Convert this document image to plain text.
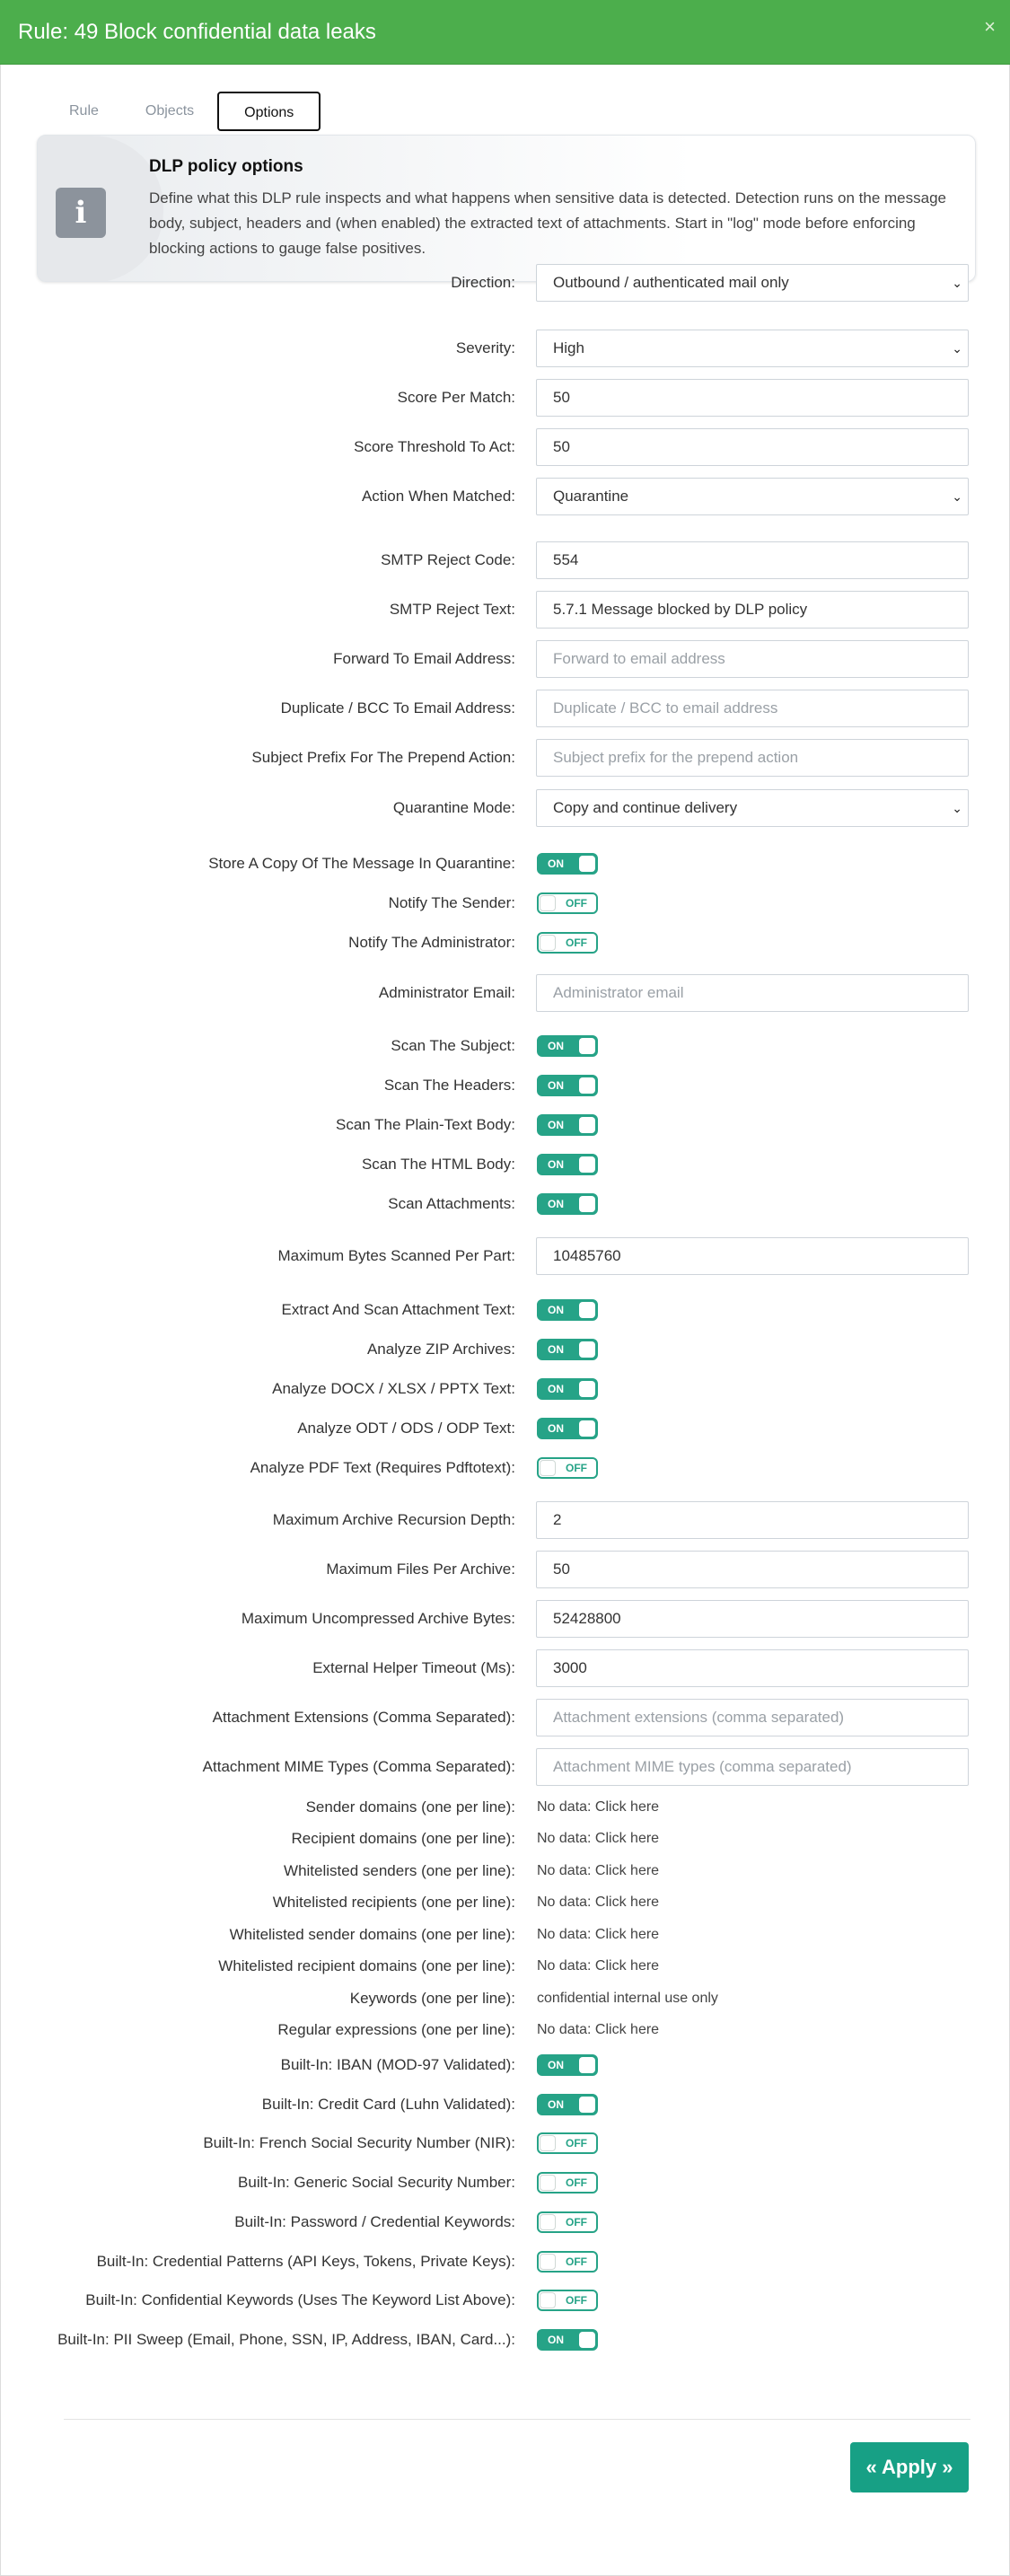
Rule: 49 Block confidential data leaks	×
Rule	Objects	Options
i
DLP policy options
Define what this DLP rule inspects and what happens when sensitive data is detected. Detection runs on the message body, subject, headers and (when enabled) the extracted text of attachments. Start in "log" mode before enforcing blocking actions to gauge false positives.
Direction:	Outbound / authenticated mail only	⌄
Severity:	High	⌄
Score Per Match:	50
Score Threshold To Act:	50
Action When Matched:	Quarantine	⌄
SMTP Reject Code:	554
SMTP Reject Text:	5.7.1 Message blocked by DLP policy
Forward To Email Address:	Forward to email address
Duplicate / BCC To Email Address:	Duplicate / BCC to email address
Subject Prefix For The Prepend Action:	Subject prefix for the prepend action
Quarantine Mode:	Copy and continue delivery	⌄
Store A Copy Of The Message In Quarantine:	ON
Notify The Sender:	OFF
Notify The Administrator:	OFF
Administrator Email:	Administrator email
Scan The Subject:	ON
Scan The Headers:	ON
Scan The Plain-Text Body:	ON
Scan The HTML Body:	ON
Scan Attachments:	ON
Maximum Bytes Scanned Per Part:	10485760
Extract And Scan Attachment Text:	ON
Analyze ZIP Archives:	ON
Analyze DOCX / XLSX / PPTX Text:	ON
Analyze ODT / ODS / ODP Text:	ON
Analyze PDF Text (Requires Pdftotext):	OFF
Maximum Archive Recursion Depth:	2
Maximum Files Per Archive:	50
Maximum Uncompressed Archive Bytes:	52428800
External Helper Timeout (Ms):	3000
Attachment Extensions (Comma Separated):	Attachment extensions (comma separated)
Attachment MIME Types (Comma Separated):	Attachment MIME types (comma separated)
Sender domains (one per line): No data: Click here
Recipient domains (one per line): No data: Click here
Whitelisted senders (one per line): No data: Click here
Whitelisted recipients (one per line): No data: Click here
Whitelisted sender domains (one per line): No data: Click here
Whitelisted recipient domains (one per line): No data: Click here
Keywords (one per line): confidential internal use only
Regular expressions (one per line): No data: Click here
Built-In: IBAN (MOD-97 Validated):	ON
Built-In: Credit Card (Luhn Validated):	ON
Built-In: French Social Security Number (NIR):	OFF
Built-In: Generic Social Security Number:	OFF
Built-In: Password / Credential Keywords:	OFF
Built-In: Credential Patterns (API Keys, Tokens, Private Keys):	OFF
Built-In: Confidential Keywords (Uses The Keyword List Above):	OFF
Built-In: PII Sweep (Email, Phone, SSN, IP, Address, IBAN, Card...):	ON
« Apply »
